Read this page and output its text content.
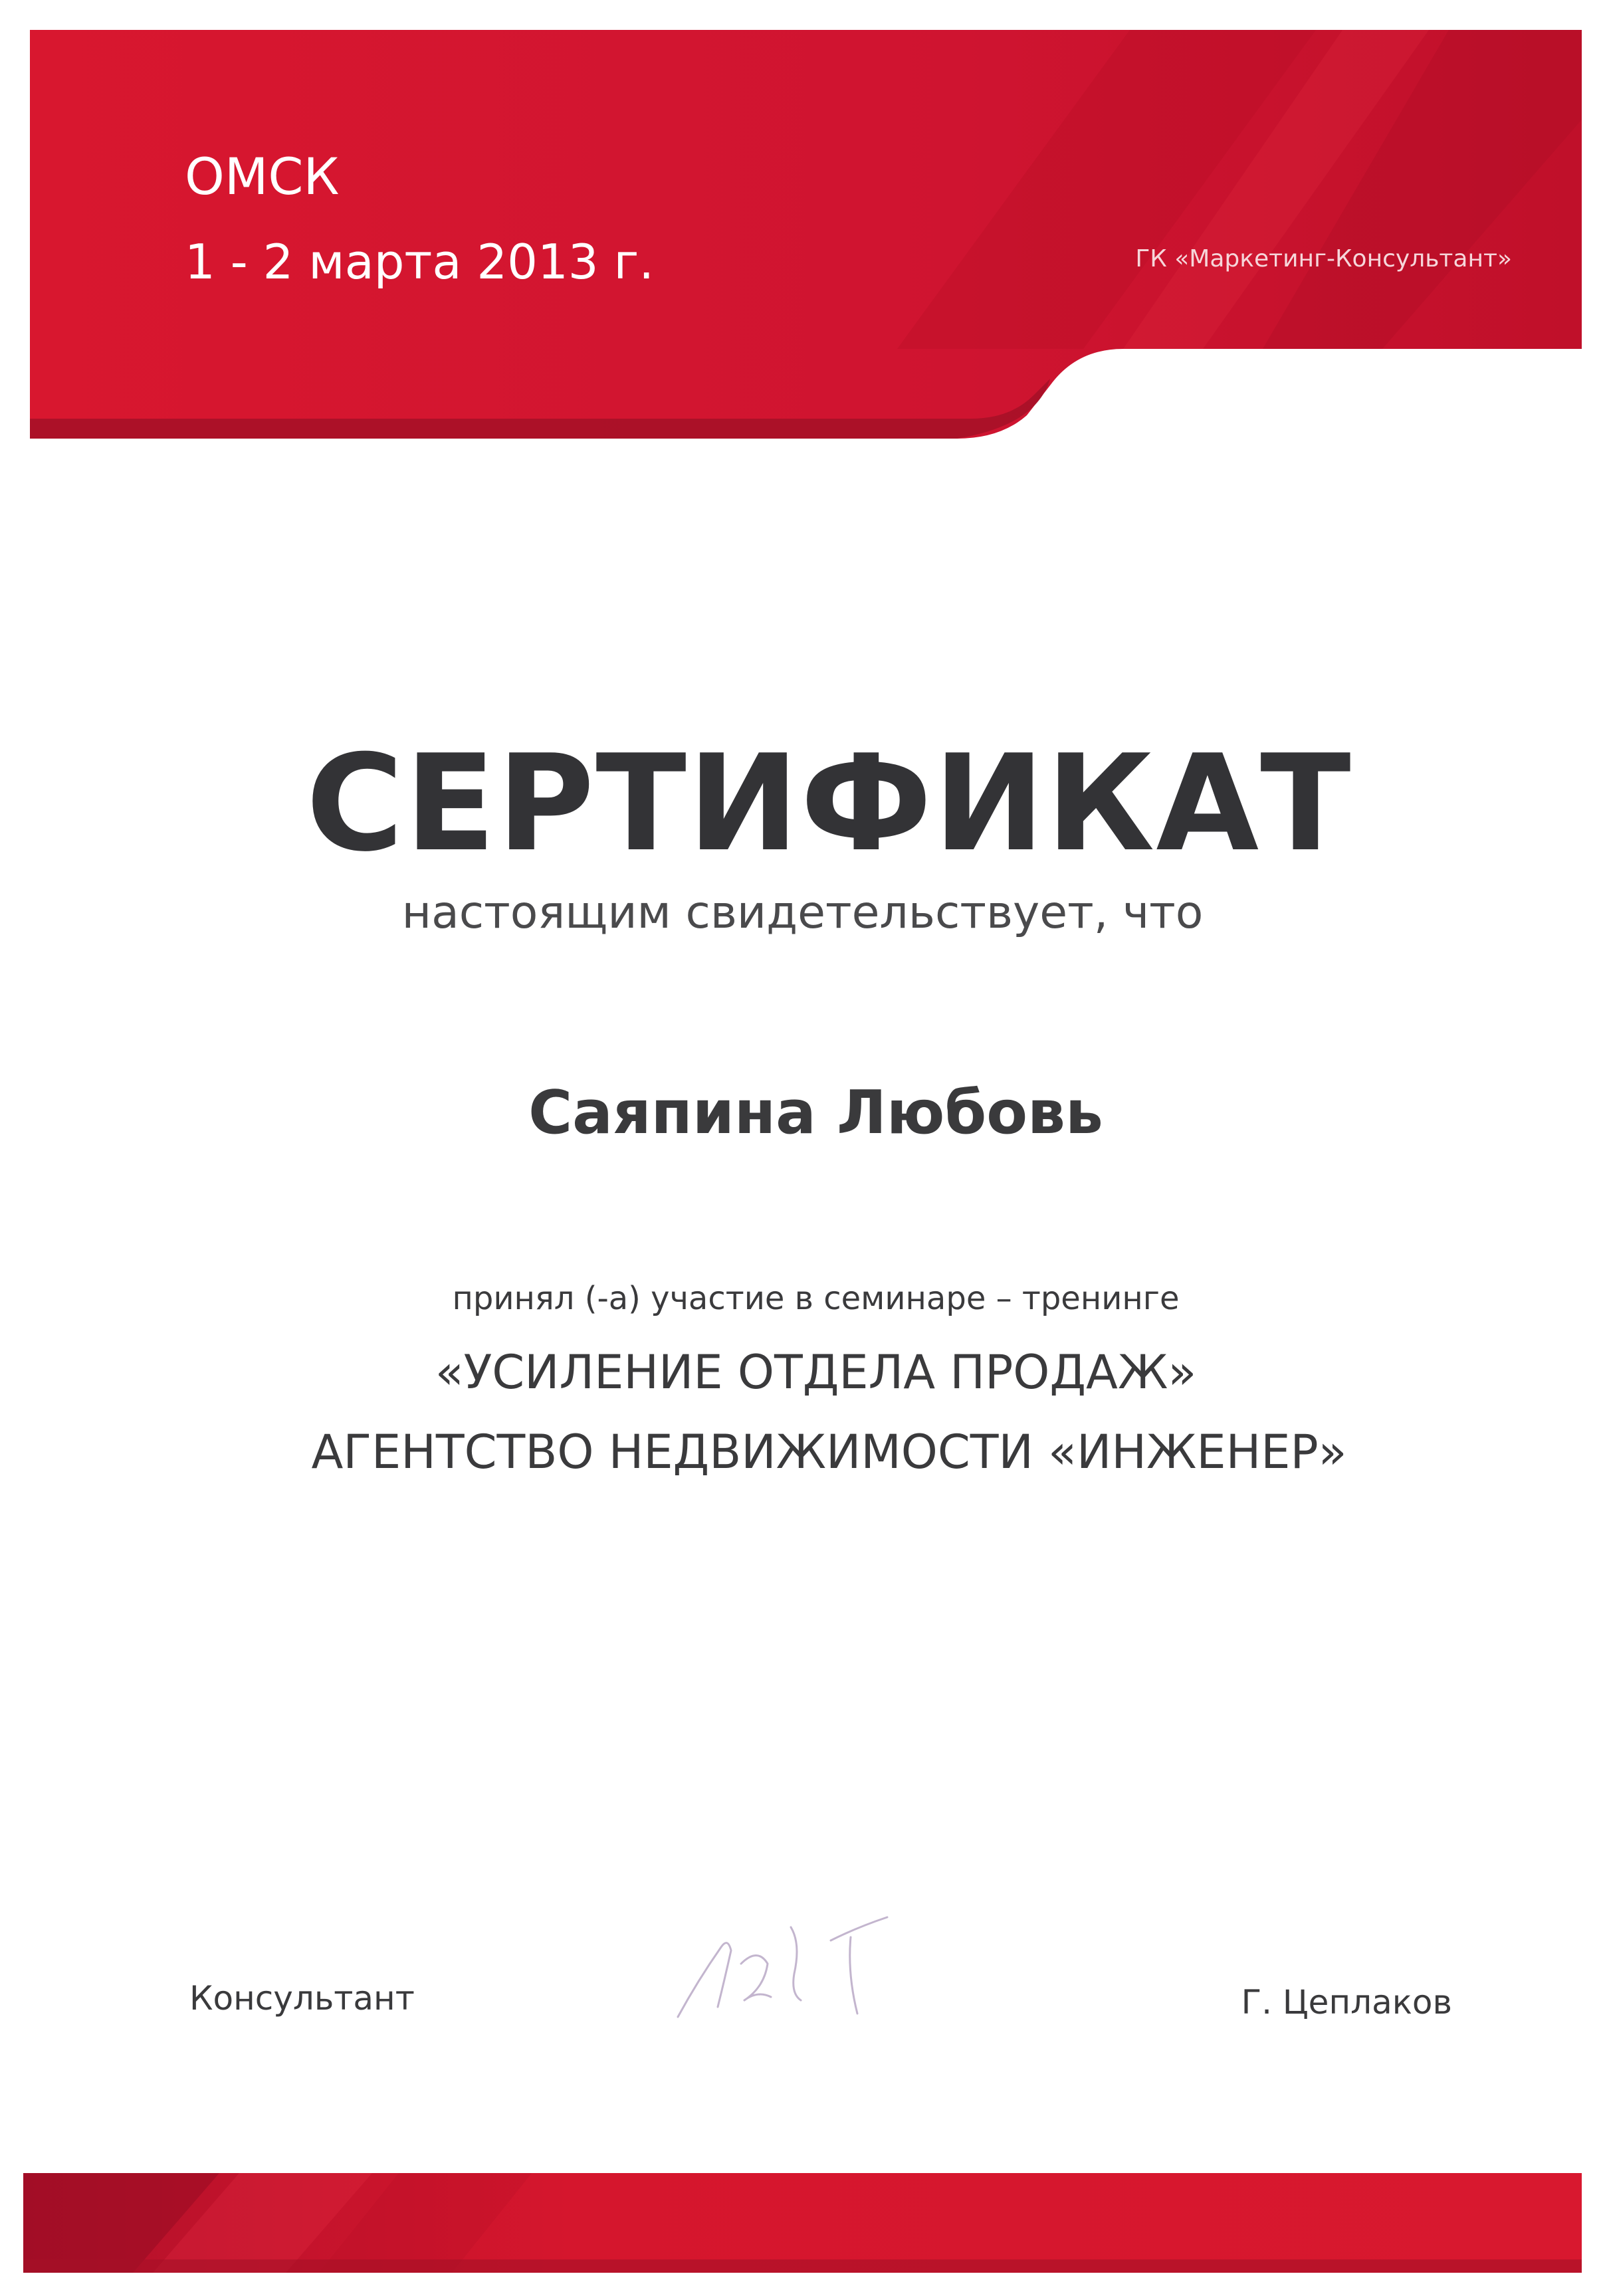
ОМСК
1 - 2 марта 2013 г.	ГК «Маркетинг-Консультант»
СЕРТИФИКАТ
настоящим свидетельствует, что
Саяпина Любовь
принял (-а) участие в семинаре – тренинге
«УСИЛЕНИЕ ОТДЕЛА ПРОДАЖ»
АГЕНТСТВО НЕДВИЖИМОСТИ «ИНЖЕНЕР»
Консультант	Г. Цеплаков
